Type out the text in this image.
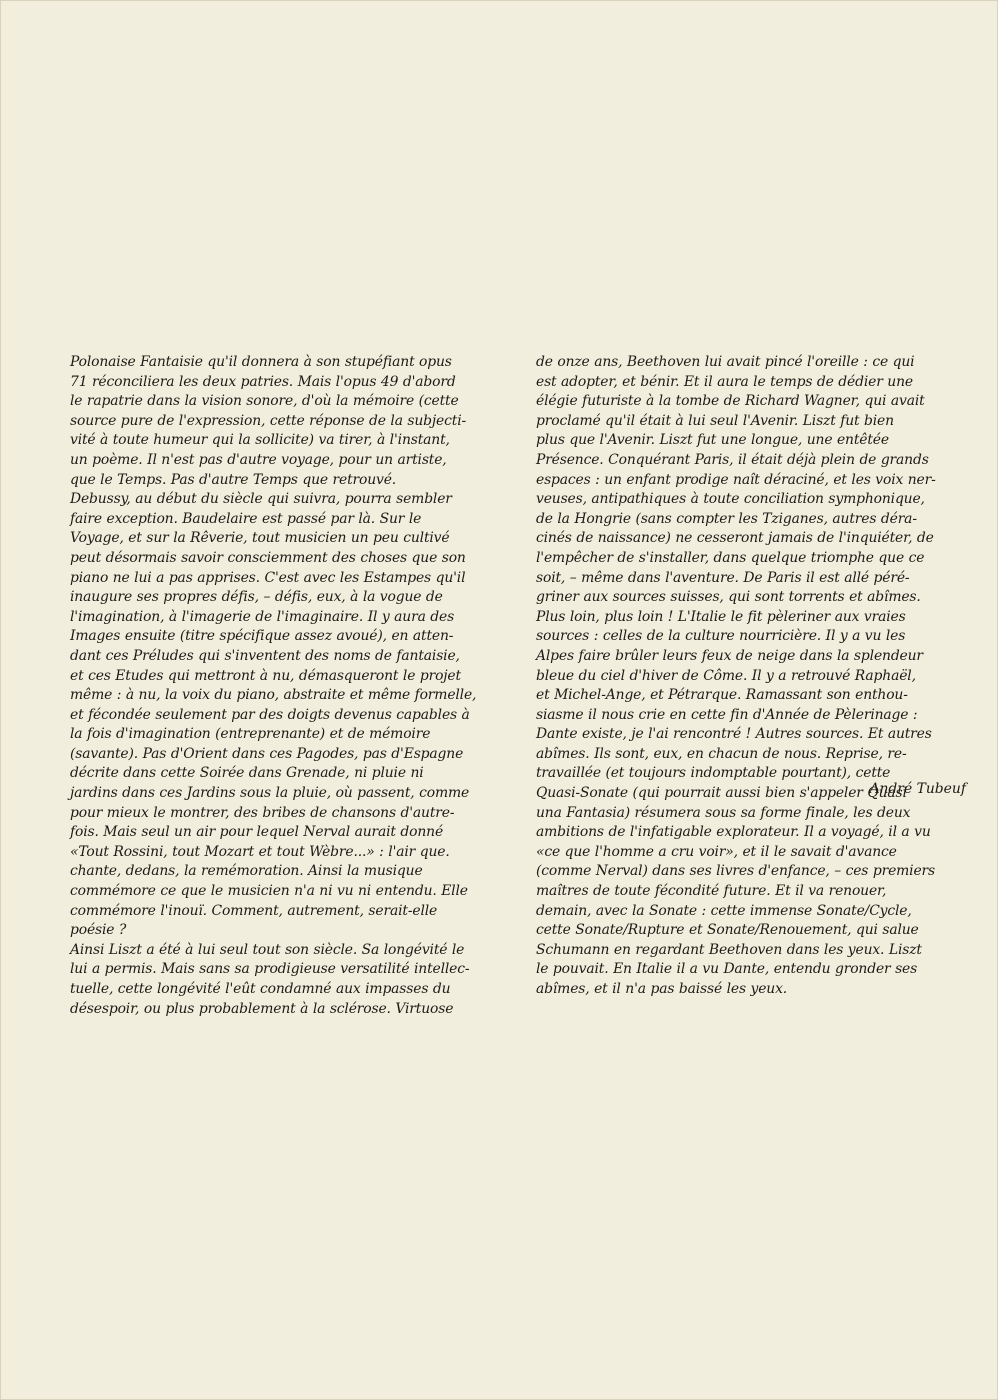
Polonaise Fantaisie qu'il donnera à son stupéfiant opus
71 réconciliera les deux patries. Mais l'opus 49 d'abord
le rapatrie dans la vision sonore, d'où la mémoire (cette
source pure de l'expression, cette réponse de la subjecti-
vité à toute humeur qui la sollicite) va tirer, à l'instant,
un poème. Il n'est pas d'autre voyage, pour un artiste,
que le Temps. Pas d'autre Temps que retrouvé.

Debussy, au début du siècle qui suivra, pourra sembler
faire exception. Baudelaire est passé par là. Sur le
Voyage, et sur la Rêverie, tout musicien un peu cultivé
peut désormais savoir consciemment des choses que son
piano ne lui a pas apprises. C'est avec les Estampes qu'il
inaugure ses propres défis, – défis, eux, à la vogue de
l'imagination, à l'imagerie de l'imaginaire. Il y aura des
Images ensuite (titre spécifique assez avoué), en atten-
dant ces Préludes qui s'inventent des noms de fantaisie,
et ces Etudes qui mettront à nu, démasqueront le projet
même : à nu, la voix du piano, abstraite et même formelle,
et fécondée seulement par des doigts devenus capables à
la fois d'imagination (entreprenante) et de mémoire
(savante). Pas d'Orient dans ces Pagodes, pas d'Espagne
décrite dans cette Soirée dans Grenade, ni pluie ni
jardins dans ces Jardins sous la pluie, où passent, comme
pour mieux le montrer, des bribes de chansons d'autre-
fois. Mais seul un air pour lequel Nerval aurait donné
«Tout Rossini, tout Mozart et tout Wèbre...» : l'air que.
chante, dedans, la remémoration. Ainsi la musique
commémore ce que le musicien n'a ni vu ni entendu. Elle
commémore l'inouï. Comment, autrement, serait-elle
poésie ?

Ainsi Liszt a été à lui seul tout son siècle. Sa longévité le
lui a permis. Mais sans sa prodigieuse versatilité intellec-
tuelle, cette longévité l'eût condamné aux impasses du
désespoir, ou plus probablement à la sclérose. Virtuose

de onze ans, Beethoven lui avait pincé l'oreille : ce qui
est adopter, et bénir. Et il aura le temps de dédier une
élégie futuriste à la tombe de Richard Wagner, qui avait
proclamé qu'il était à lui seul l'Avenir. Liszt fut bien
plus que l'Avenir. Liszt fut une longue, une entêtée
Présence. Conquérant Paris, il était déjà plein de grands
espaces : un enfant prodige naît déraciné, et les voix ner-
veuses, antipathiques à toute conciliation symphonique,
de la Hongrie (sans compter les Tziganes, autres déra-
cinés de naissance) ne cesseront jamais de l'inquiéter, de
l'empêcher de s'installer, dans quelque triomphe que ce
soit, – même dans l'aventure. De Paris il est allé péré-
griner aux sources suisses, qui sont torrents et abîmes.
Plus loin, plus loin ! L'Italie le fit pèleriner aux vraies
sources : celles de la culture nourricière. Il y a vu les
Alpes faire brûler leurs feux de neige dans la splendeur
bleue du ciel d'hiver de Côme. Il y a retrouvé Raphaël,
et Michel-Ange, et Pétrarque. Ramassant son enthou-
siasme il nous crie en cette fin d'Année de Pèlerinage :
Dante existe, je l'ai rencontré ! Autres sources. Et autres
abîmes. Ils sont, eux, en chacun de nous. Reprise, re-
travaillée (et toujours indomptable pourtant), cette
Quasi-Sonate (qui pourrait aussi bien s'appeler Quasi
una Fantasia) résumera sous sa forme finale, les deux
ambitions de l'infatigable explorateur. Il a voyagé, il a vu
«ce que l'homme a cru voir», et il le savait d'avance
(comme Nerval) dans ses livres d'enfance, – ces premiers
maîtres de toute fécondité future. Et il va renouer,
demain, avec la Sonate : cette immense Sonate/Cycle,
cette Sonate/Rupture et Sonate/Renouement, qui salue
Schumann en regardant Beethoven dans les yeux. Liszt
le pouvait. En Italie il a vu Dante, entendu gronder ses
abîmes, et il n'a pas baissé les yeux.

André Tubeuf
